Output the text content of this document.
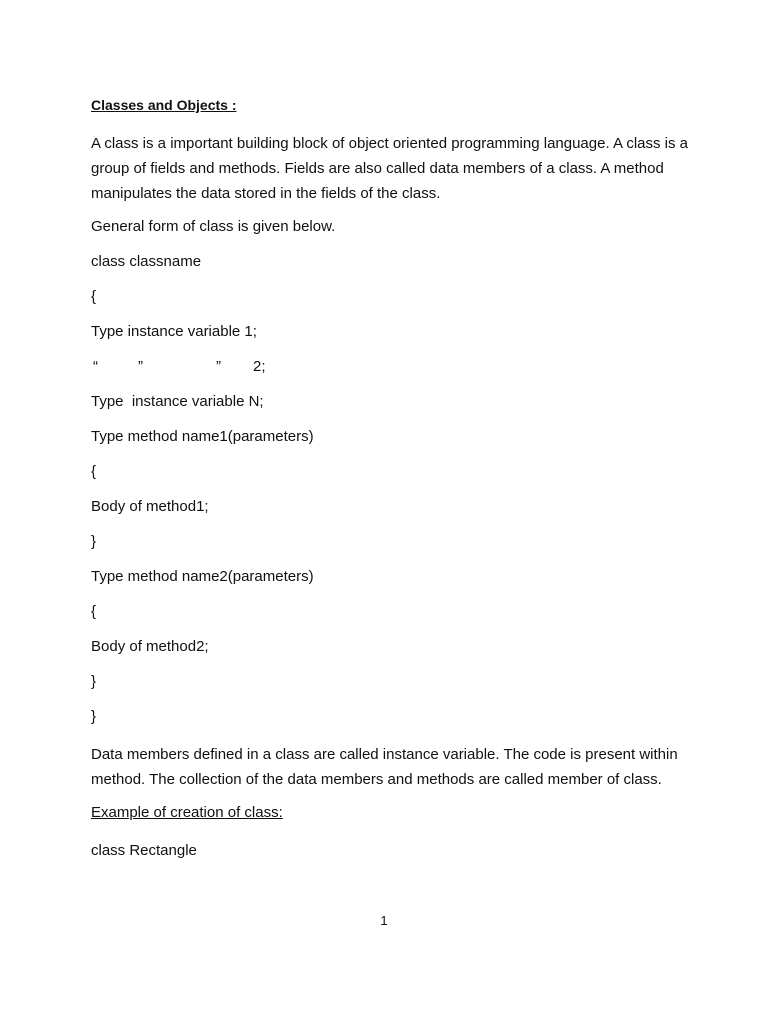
Classes and Objects :

A class is a important building block of object oriented programming language. A class is a group of fields and methods. Fields are also called data members of a class. A method manipulates the data stored in the fields of the class.

General form of class is given below.
class classname
{
Type instance variable 1;
“	”	” 2;
Type  instance variable N;
Type method name1(parameters)
{
Body of method1;
}
Type method name2(parameters)
{
Body of method2;
}
}

Data members defined in a class are called instance variable. The code is present within method. The collection of the data members and methods are called member of class.

Example of creation of class:
class Rectangle
1
